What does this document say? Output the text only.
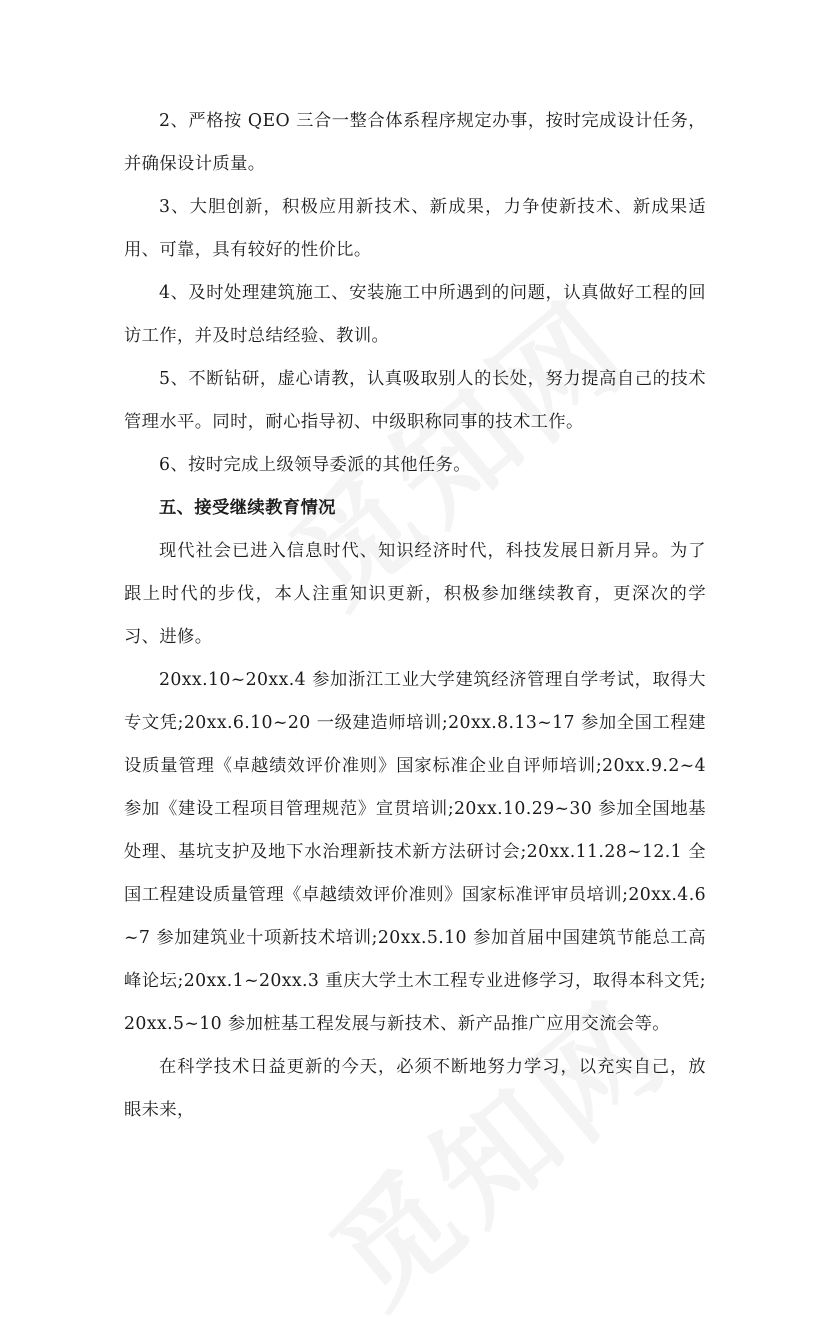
2、严格按 QEO 三合一整合体系程序规定办事，按时完成设计任务，并确保设计质量。

3、大胆创新，积极应用新技术、新成果，力争使新技术、新成果适用、可靠，具有较好的性价比。

4、及时处理建筑施工、安装施工中所遇到的问题，认真做好工程的回访工作，并及时总结经验、教训。

5、不断钻研，虚心请教，认真吸取别人的长处，努力提高自己的技术管理水平。同时，耐心指导初、中级职称同事的技术工作。

6、按时完成上级领导委派的其他任务。

五、接受继续教育情况

现代社会已进入信息时代、知识经济时代，科技发展日新月异。为了跟上时代的步伐，本人注重知识更新，积极参加继续教育，更深次的学习、进修。

20xx.10~20xx.4 参加浙江工业大学建筑经济管理自学考试，取得大专文凭;20xx.6.10~20 一级建造师培训;20xx.8.13~17 参加全国工程建设质量管理《卓越绩效评价准则》国家标准企业自评师培训;20xx.9.2~4 参加《建设工程项目管理规范》宣贯培训;20xx.10.29~30 参加全国地基处理、基坑支护及地下水治理新技术新方法研讨会;20xx.11.28~12.1 全国工程建设质量管理《卓越绩效评价准则》国家标准评审员培训;20xx.4.6~7 参加建筑业十项新技术培训;20xx.5.10 参加首届中国建筑节能总工高峰论坛;20xx.1~20xx.3 重庆大学土木工程专业进修学习，取得本科文凭;20xx.5~10 参加桩基工程发展与新技术、新产品推广应用交流会等。

在科学技术日益更新的今天，必须不断地努力学习，以充实自己，放眼未来，
